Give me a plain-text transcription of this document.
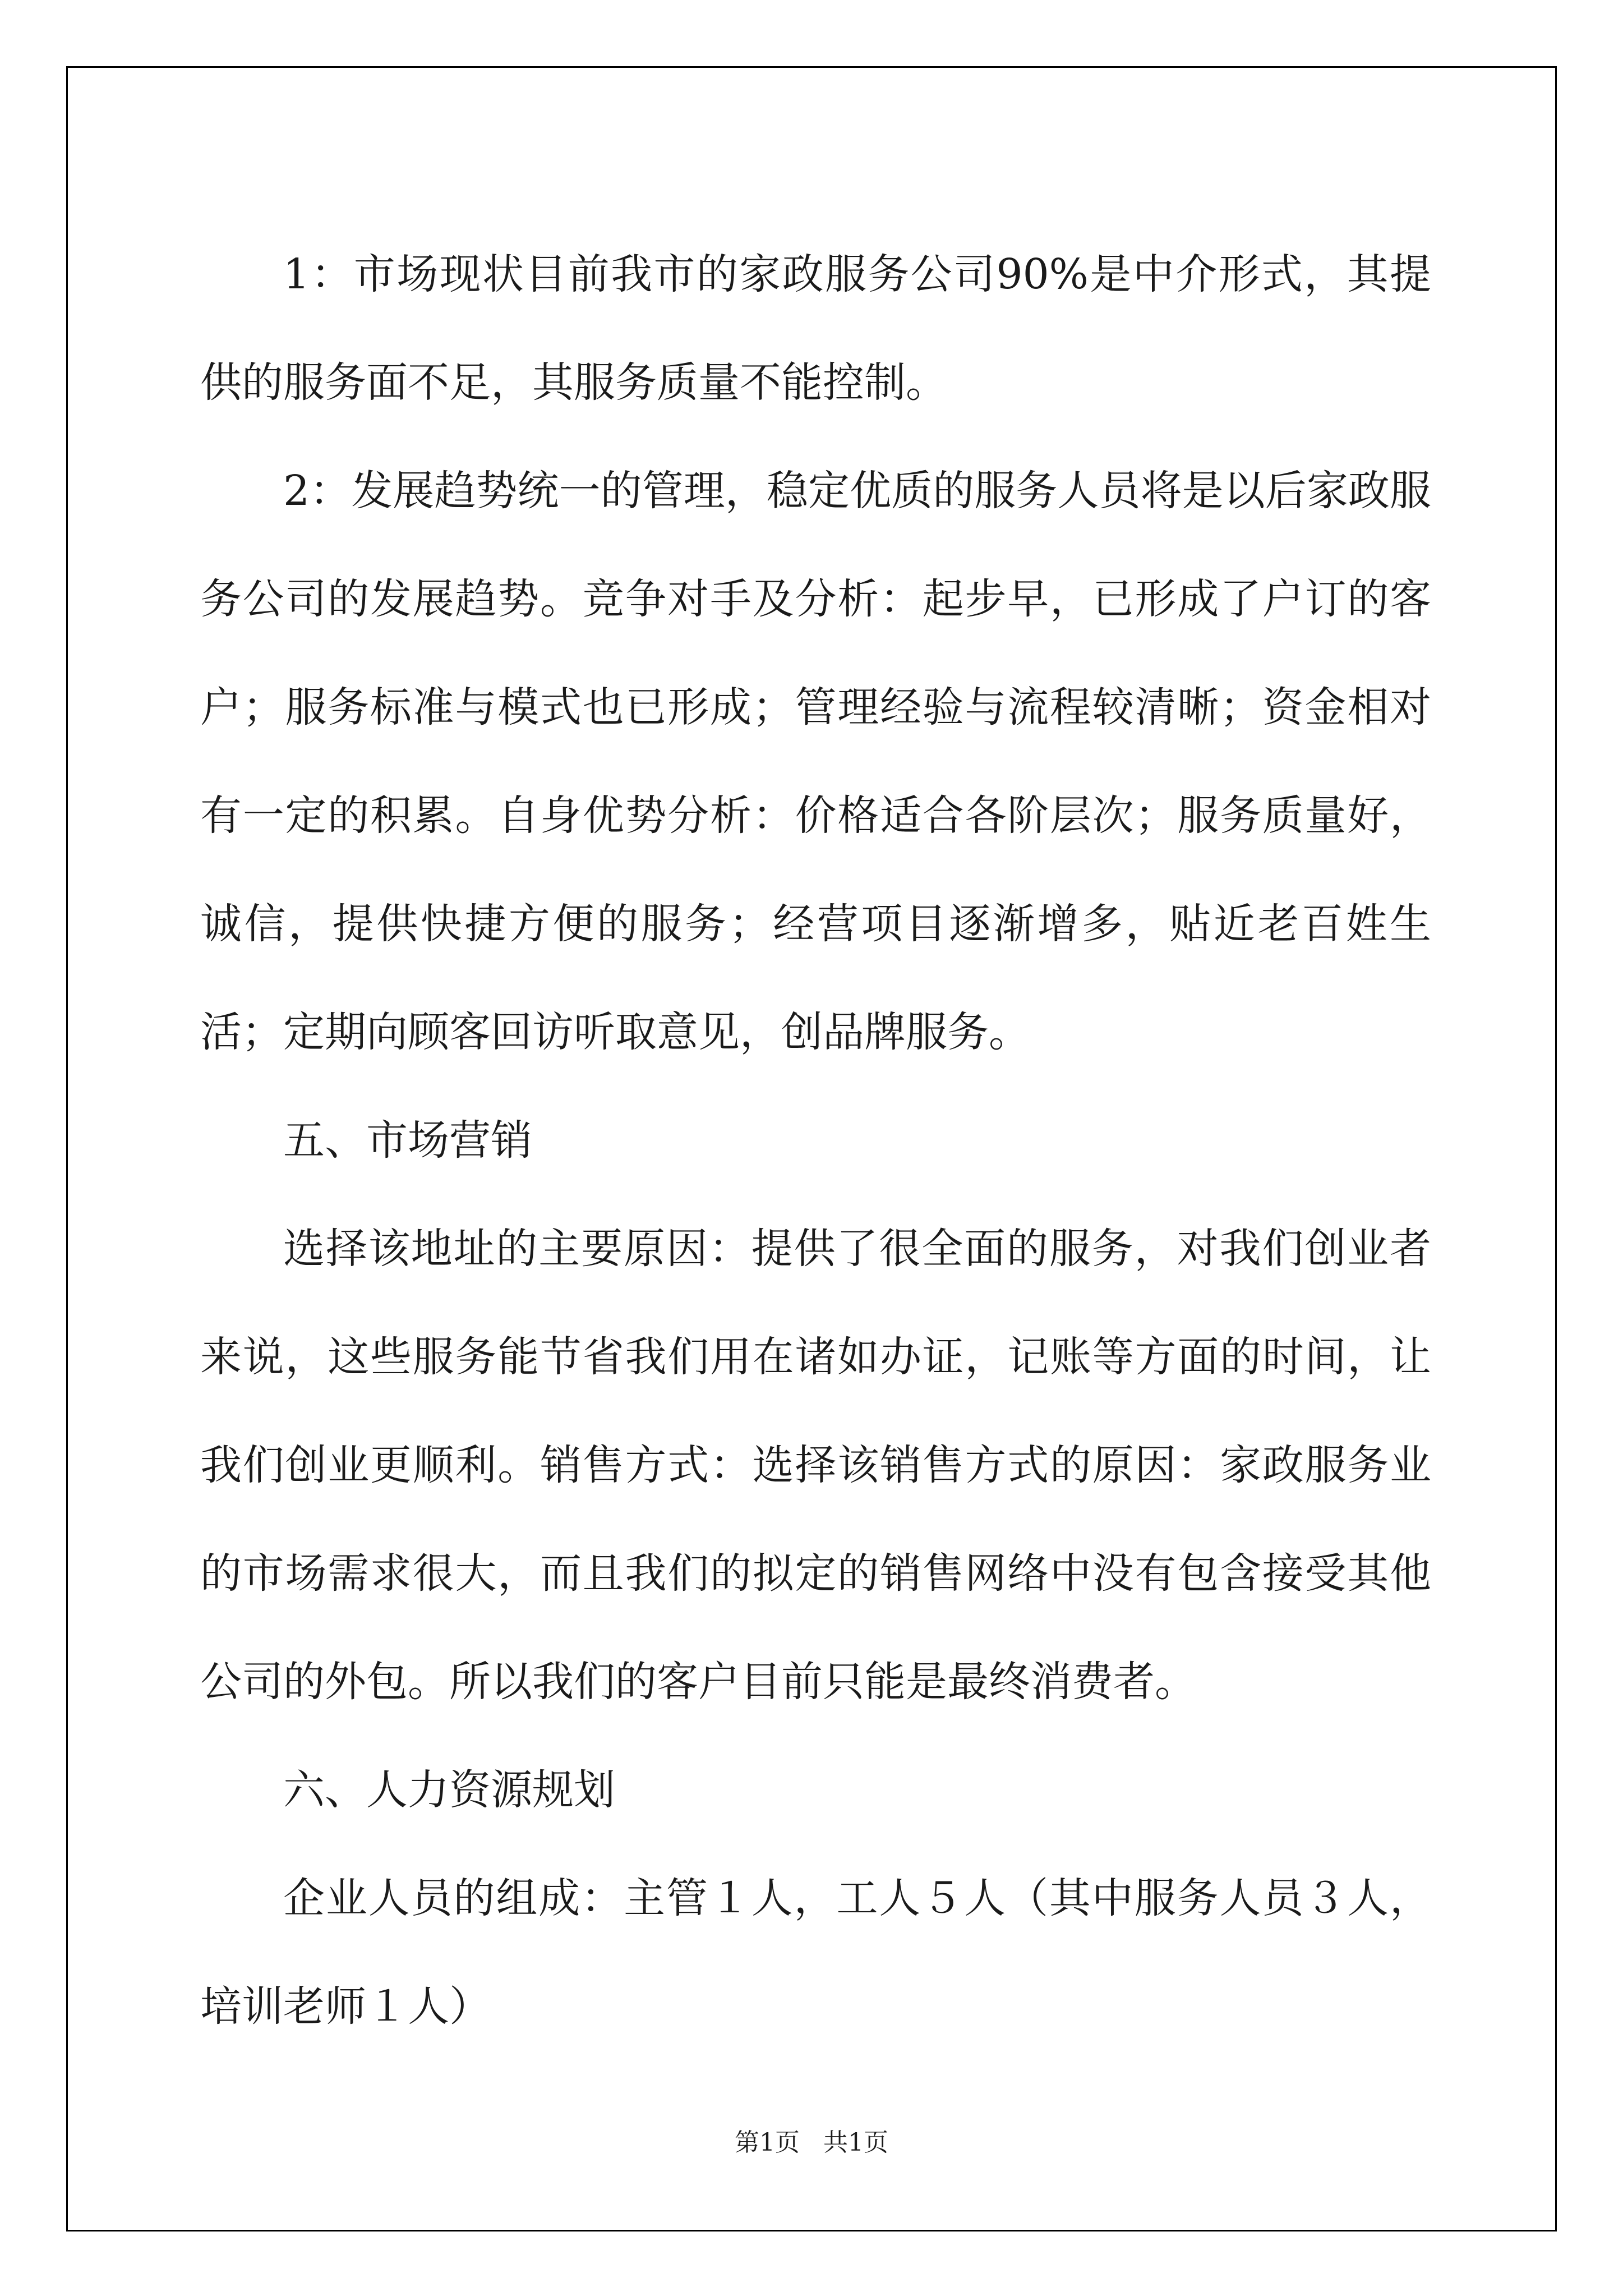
1：市场现状目前我市的家政服务公司90%是中介形式，其提供的服务面不足，其服务质量不能控制。

2：发展趋势统一的管理，稳定优质的服务人员将是以后家政服务公司的发展趋势。竞争对手及分析：起步早，已形成了户订的客户；服务标准与模式也已形成；管理经验与流程较清晰；资金相对有一定的积累。自身优势分析：价格适合各阶层次；服务质量好，诚信，提供快捷方便的服务；经营项目逐渐增多，贴近老百姓生活；定期向顾客回访听取意见，创品牌服务。

五、市场营销

选择该地址的主要原因：提供了很全面的服务，对我们创业者来说，这些服务能节省我们用在诸如办证，记账等方面的时间，让我们创业更顺利。销售方式：选择该销售方式的原因：家政服务业的市场需求很大，而且我们的拟定的销售网络中没有包含接受其他公司的外包。所以我们的客户目前只能是最终消费者。

六、人力资源规划

企业人员的组成：主管１人，工人５人（其中服务人员３人，培训老师１人）

第1页   共1页
